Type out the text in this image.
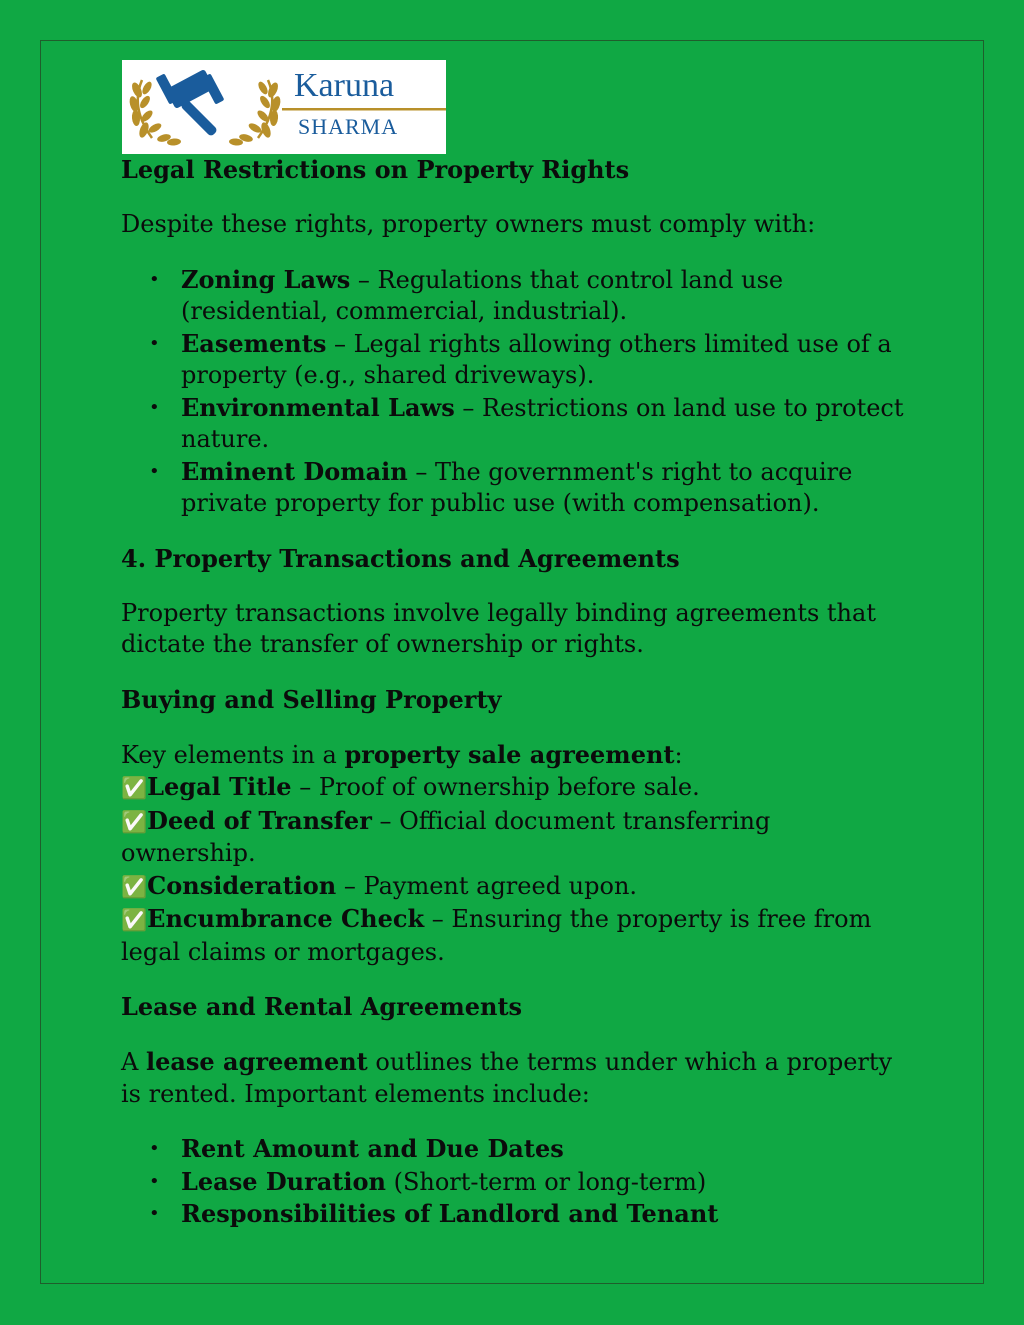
Karuna
SHARMA
Legal Restrictions on Property Rights

Despite these rights, property owners must comply with:

• Zoning Laws – Regulations that control land use (residential, commercial, industrial).
• Easements – Legal rights allowing others limited use of a property (e.g., shared driveways).
• Environmental Laws – Restrictions on land use to protect nature.
• Eminent Domain – The government's right to acquire private property for public use (with compensation).
4. Property Transactions and Agreements

Property transactions involve legally binding agreements that dictate the transfer of ownership or rights.

Buying and Selling Property

Key elements in a property sale agreement:

✅Legal Title – Proof of ownership before sale.
✅Deed of Transfer – Official document transferring ownership.
✅Consideration – Payment agreed upon.
✅Encumbrance Check – Ensuring the property is free from legal claims or mortgages.
Lease and Rental Agreements

A lease agreement outlines the terms under which a property is rented. Important elements include:

• Rent Amount and Due Dates
• Lease Duration (Short-term or long-term)
• Responsibilities of Landlord and Tenant
